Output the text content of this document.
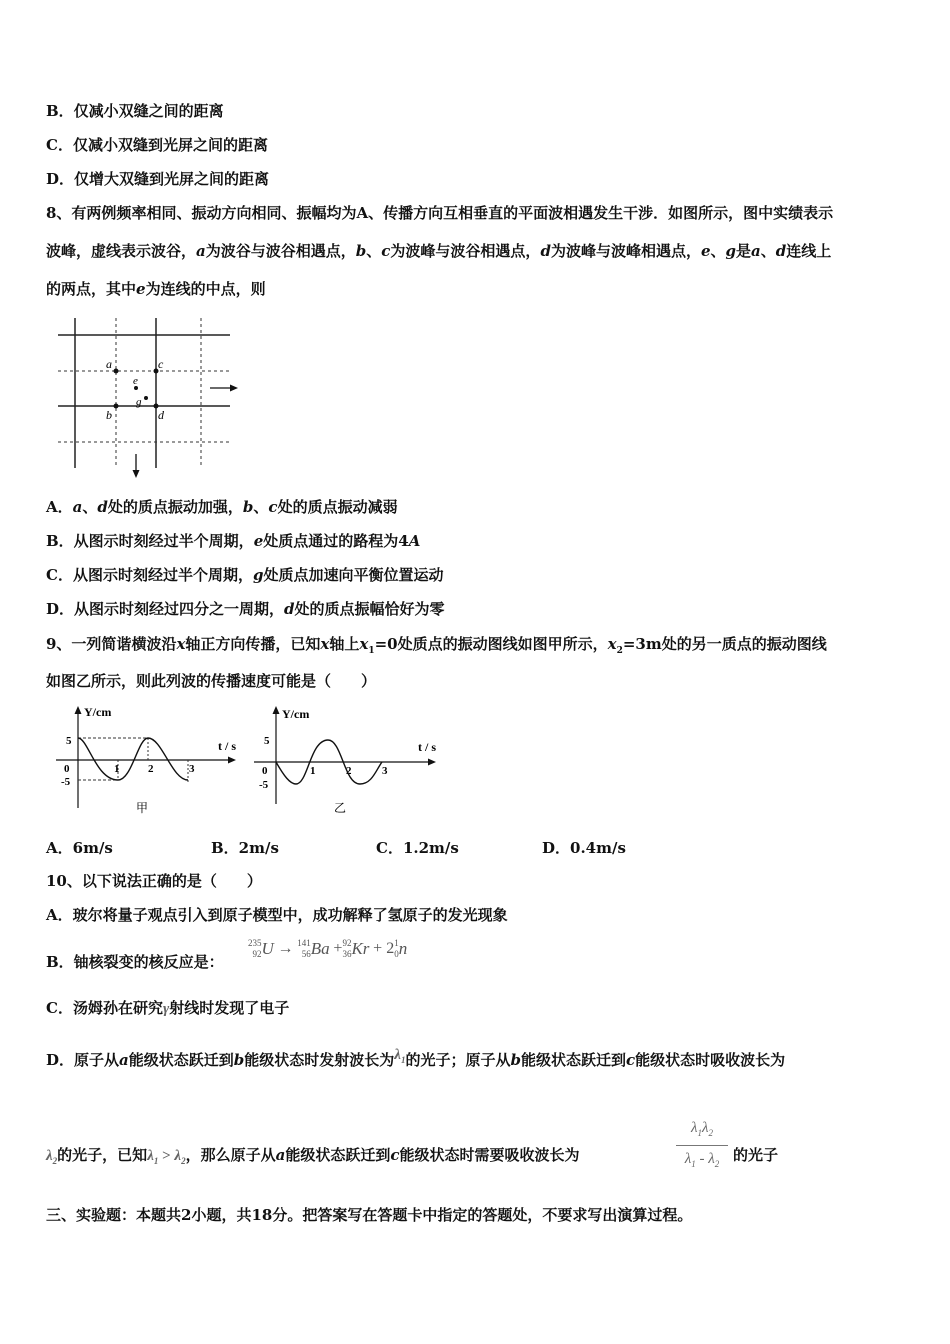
B．仅减小双缝之间的距离
C．仅减小双缝到光屏之间的距离
D．仅增大双缝到光屏之间的距离
8、有两例频率相同、振动方向相同、振幅均为A、传播方向互相垂直的平面波相遇发生干涉．如图所示，图中实绩表示
波峰，虚线表示波谷，a为波谷与波谷相遇点，b、c为波峰与波谷相遇点，d为波峰与波峰相遇点，e、g是a、d连线上
的两点，其中e为连线的中点，则
a	c
b	d
e
g
A．a、d处的质点振动加强，b、c处的质点振动减弱
B．从图示时刻经过半个周期，e处质点通过的路程为4A
C．从图示时刻经过半个周期，g处质点加速向平衡位置运动
D．从图示时刻经过四分之一周期，d处的质点振幅恰好为零
9、一列简谐横波沿x轴正方向传播，已知x轴上$x_1=0$处质点的振动图线如图甲所示，$x_2=3m$处的另一质点的振动图线
如图乙所示，则此列波的传播速度可能是（　　）
Y/cm
t / s
5
-5
0	1	2	3
甲
Y/cm
t / s
5
-5
0	1	2	3
乙
A．6m/s	B．2m/s	C．1.2m/s	D．0.4m/s
10、以下说法正确的是（　　）
A．玻尔将量子观点引入到原子模型中，成功解释了氢原子的发光现象
B．铀核裂变的核反应是：
235
92U → 141
56Ba +92
36Kr + 21
0n
C．汤姆孙在研究γ射线时发现了电子
D．原子从a能级状态跃迁到b能级状态时发射波长为$\lambda_1$的光子；原子从b能级状态跃迁到c能级状态时吸收波长为
$\lambda_2$的光子，已知$\lambda_1 > \lambda_2$，那么原子从a能级状态跃迁到c能级状态时需要吸收波长为	$\frac{\lambda_1\lambda_2}{\lambda_1 - \lambda_2}$ 的光子
三、实验题：本题共2小题，共18分。把答案写在答题卡中指定的答题处，不要求写出演算过程。
